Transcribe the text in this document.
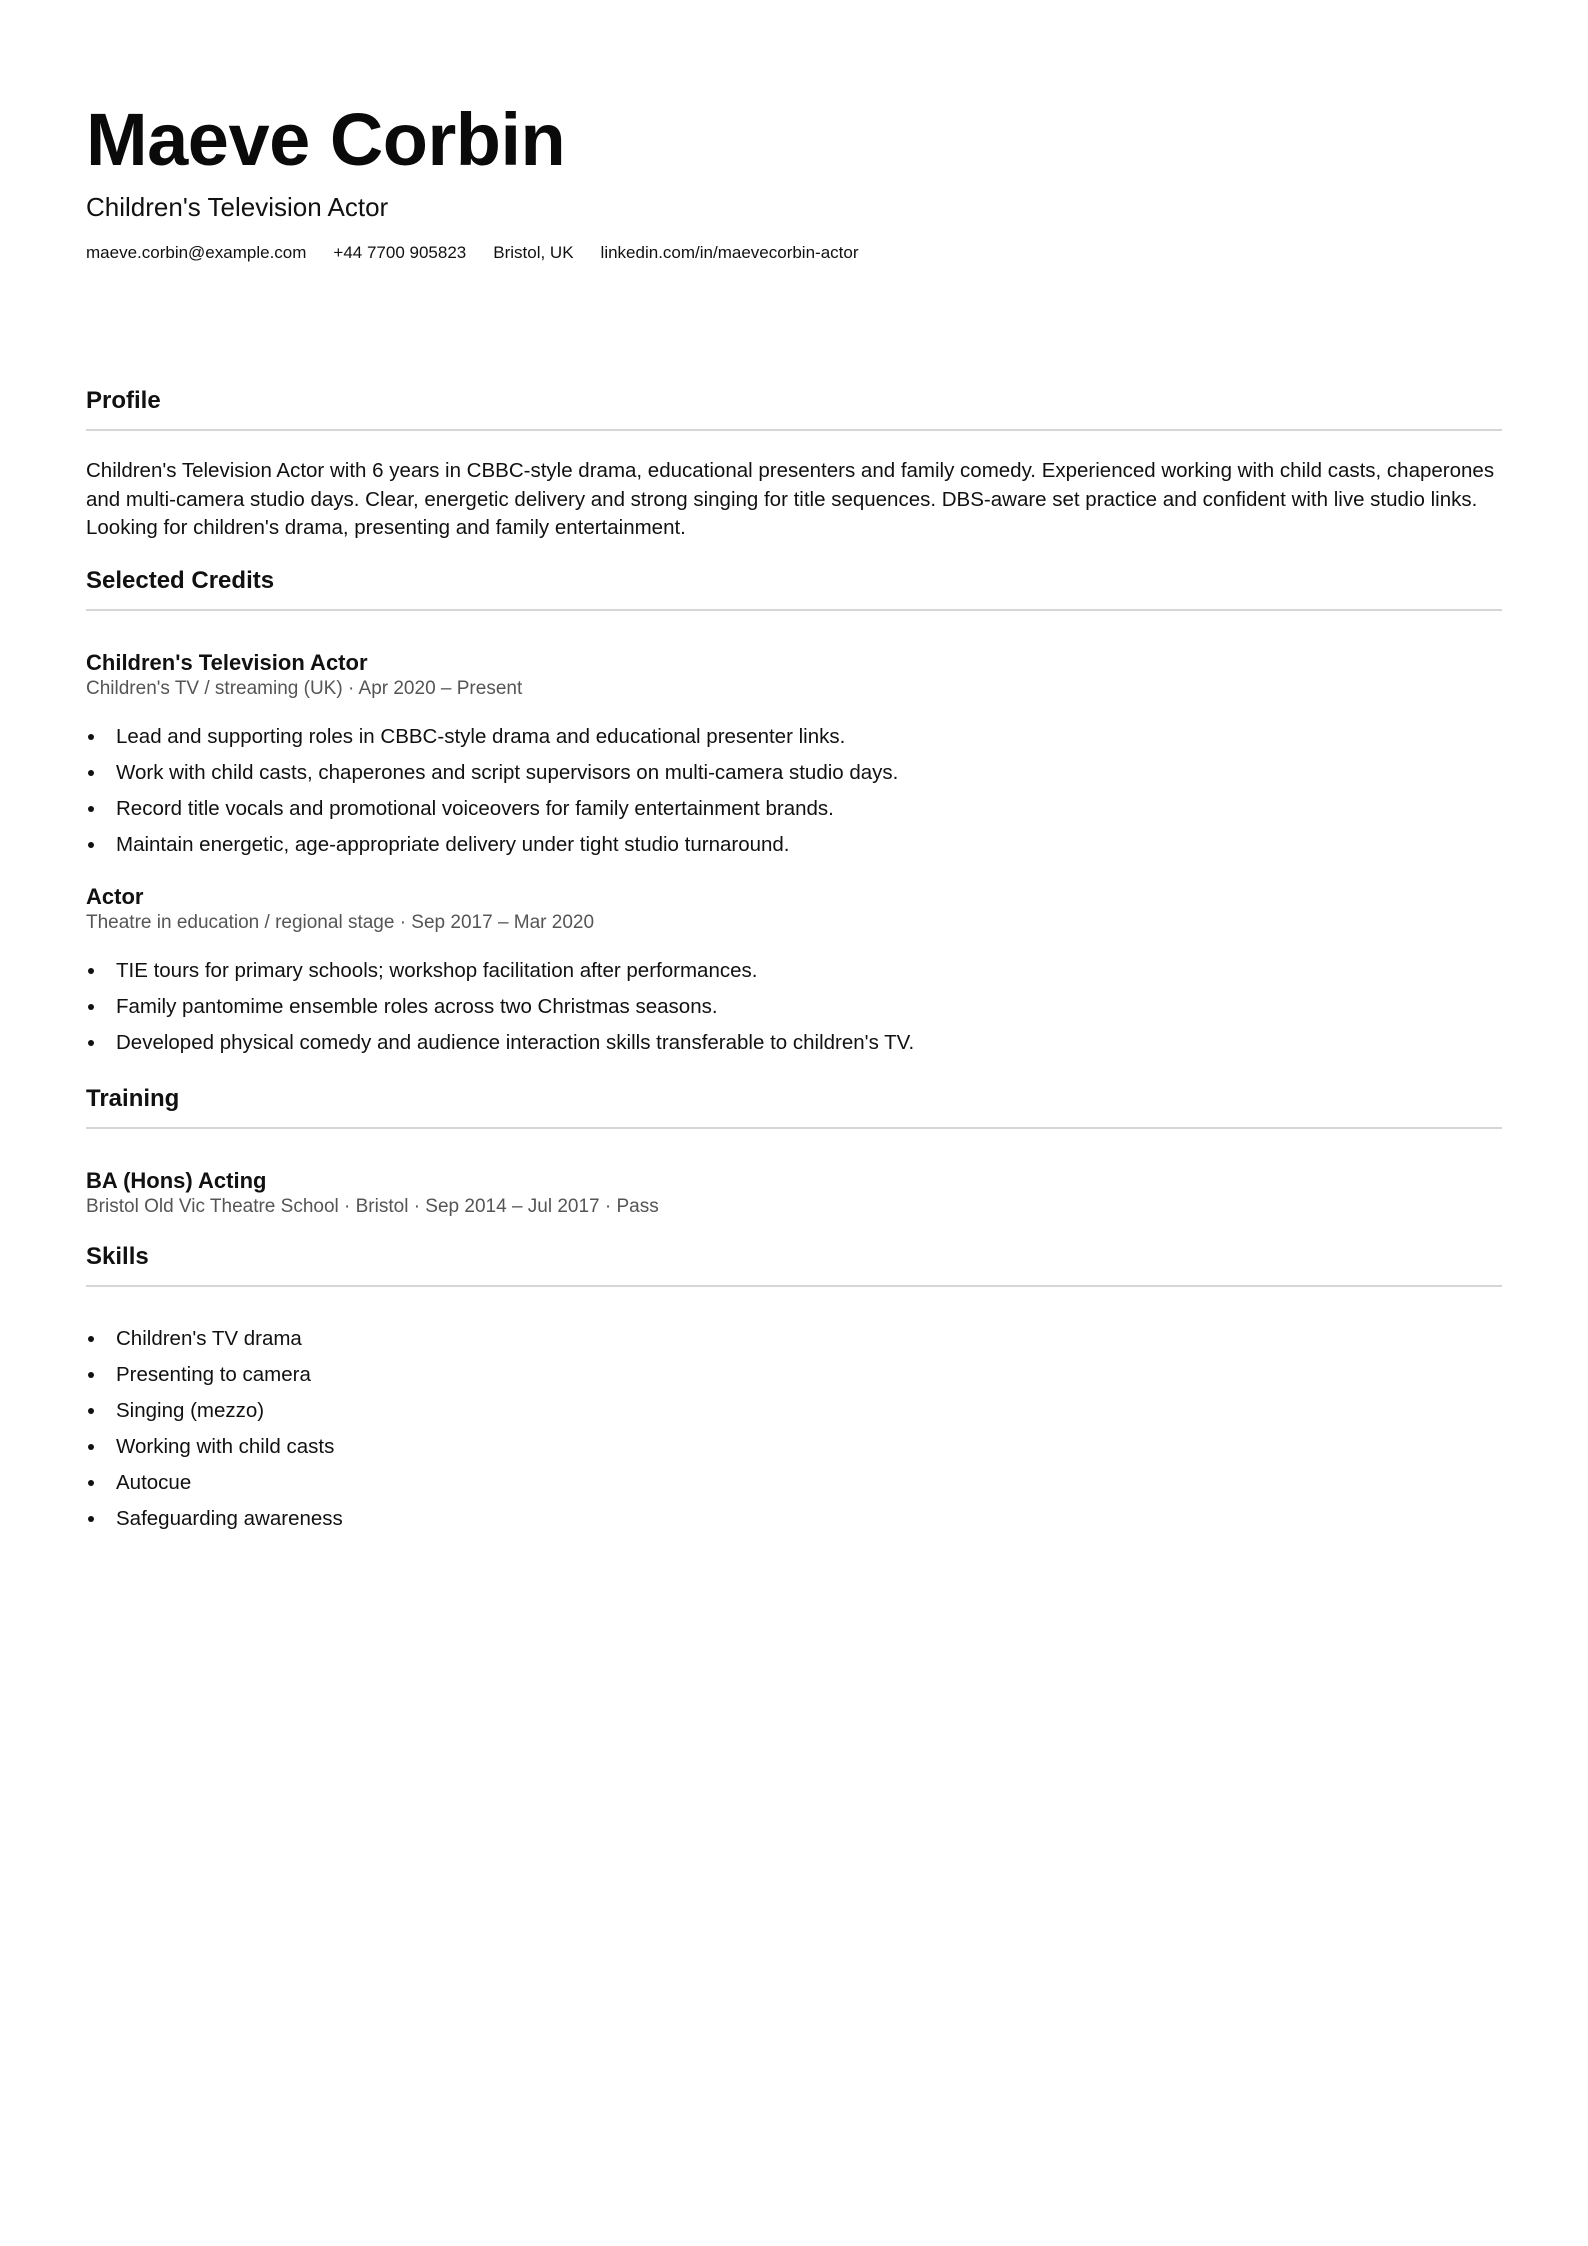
Maeve Corbin
Children's Television Actor
maeve.corbin@example.com +44 7700 905823 Bristol, UK linkedin.com/in/maevecorbin-actor
Profile

Children's Television Actor with 6 years in CBBC-style drama, educational presenters and family comedy. Experienced working with child casts, chaperones and multi-camera studio days. Clear, energetic delivery and strong singing for title sequences. DBS-aware set practice and confident with live studio links. Looking for children's drama, presenting and family entertainment.

Selected Credits
Children's Television Actor
Children's TV / streaming (UK) · Apr 2020 – Present
Lead and supporting roles in CBBC-style drama and educational presenter links.
Work with child casts, chaperones and script supervisors on multi-camera studio days.
Record title vocals and promotional voiceovers for family entertainment brands.
Maintain energetic, age-appropriate delivery under tight studio turnaround.
Actor
Theatre in education / regional stage · Sep 2017 – Mar 2020
TIE tours for primary schools; workshop facilitation after performances.
Family pantomime ensemble roles across two Christmas seasons.
Developed physical comedy and audience interaction skills transferable to children's TV.
Training
BA (Hons) Acting
Bristol Old Vic Theatre School · Bristol · Sep 2014 – Jul 2017 · Pass
Skills
Children's TV drama
Presenting to camera
Singing (mezzo)
Working with child casts
Autocue
Safeguarding awareness
